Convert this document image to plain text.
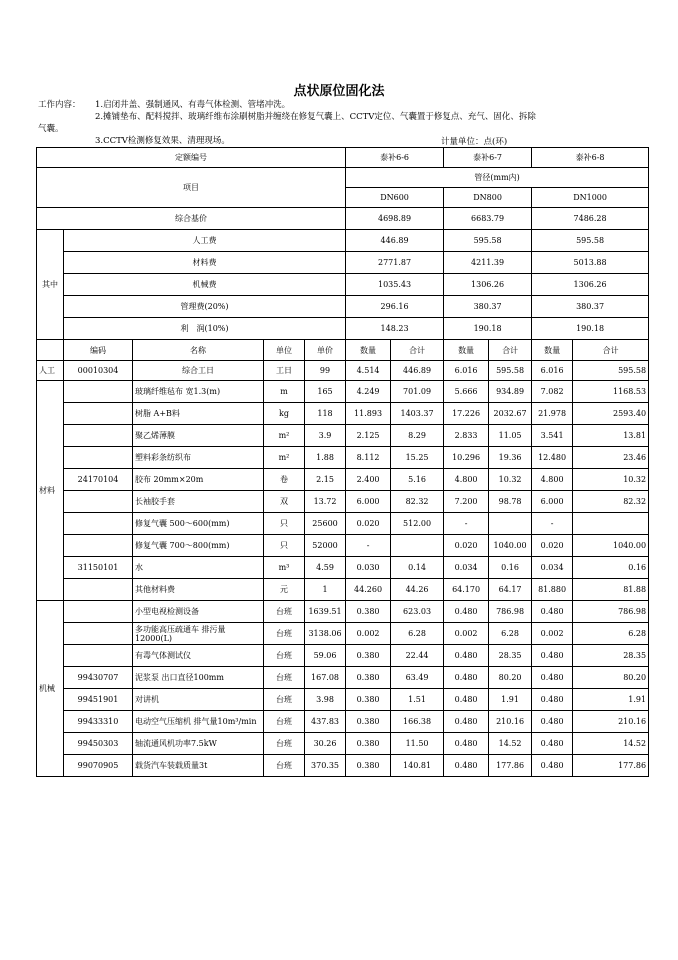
点状原位固化法
工作内容： 1.启闭井盖、强制通风、有毒气体检测、管堵冲洗。
2.摊铺垫布、配料搅拌、玻璃纤维布涂刷树脂并缠绕在修复气囊上、CCTV定位、气囊置于修复点、充气、固化、拆除
气囊。
3.CCTV检测修复效果、清理现场。	计量单位：点(环)
定额编号					泰补6-6		泰补6-7		泰补6-8	
项目					管径(mm内)					
					DN600		DN800		DN1000	
综合基价					4698.89		6683.79		7486.28	
其中	人工费				446.89		595.58		595.58	
	材料费				2771.87		4211.39		5013.88	
	机械费				1035.43		1306.26		1306.26	
	管理费(20%)				296.16		380.37		380.37	
	利　润(10%)				148.23		190.18		190.18	
	编码	名称	单位	单价	数量	合计	数量	合计	数量	合计
人工	00010304	综合工日	工日	99	4.514	446.89	6.016	595.58	6.016	595.58
材料		玻璃纤维毡布 宽1.3(m)	m	165	4.249	701.09	5.666	934.89	7.082	1168.53
		树脂 A+B料	kg	118	11.893	1403.37	17.226	2032.67	21.978	2593.40
		聚乙烯薄膜	m²	3.9	2.125	8.29	2.833	11.05	3.541	13.81
		塑料彩条纺织布	m²	1.88	8.112	15.25	10.296	19.36	12.480	23.46
	24170104	胶布 20mm×20m	卷	2.15	2.400	5.16	4.800	10.32	4.800	10.32
		长袖胶手套	双	13.72	6.000	82.32	7.200	98.78	6.000	82.32
		修复气囊 500～600(mm)	只	25600	0.020	512.00	-		-	
		修复气囊 700～800(mm)	只	52000	-		0.020	1040.00	0.020	1040.00
	31150101	水	m³	4.59	0.030	0.14	0.034	0.16	0.034	0.16
		其他材料费	元	1	44.260	44.26	64.170	64.17	81.880	81.88
机械		小型电视检测设备	台班	1639.51	0.380	623.03	0.480	786.98	0.480	786.98
		多功能高压疏通车 排污量12000(L)	台班	3138.06	0.002	6.28	0.002	6.28	0.002	6.28
		有毒气体测试仪	台班	59.06	0.380	22.44	0.480	28.35	0.480	28.35
	99430707	泥浆泵 出口直径100mm	台班	167.08	0.380	63.49	0.480	80.20	0.480	80.20
	99451901	对讲机	台班	3.98	0.380	1.51	0.480	1.91	0.480	1.91
	99433310	电动空气压缩机 排气量10m³/min	台班	437.83	0.380	166.38	0.480	210.16	0.480	210.16
	99450303	轴流通风机功率7.5kW	台班	30.26	0.380	11.50	0.480	14.52	0.480	14.52
	99070905	载货汽车装载质量3t	台班	370.35	0.380	140.81	0.480	177.86	0.480	177.86
